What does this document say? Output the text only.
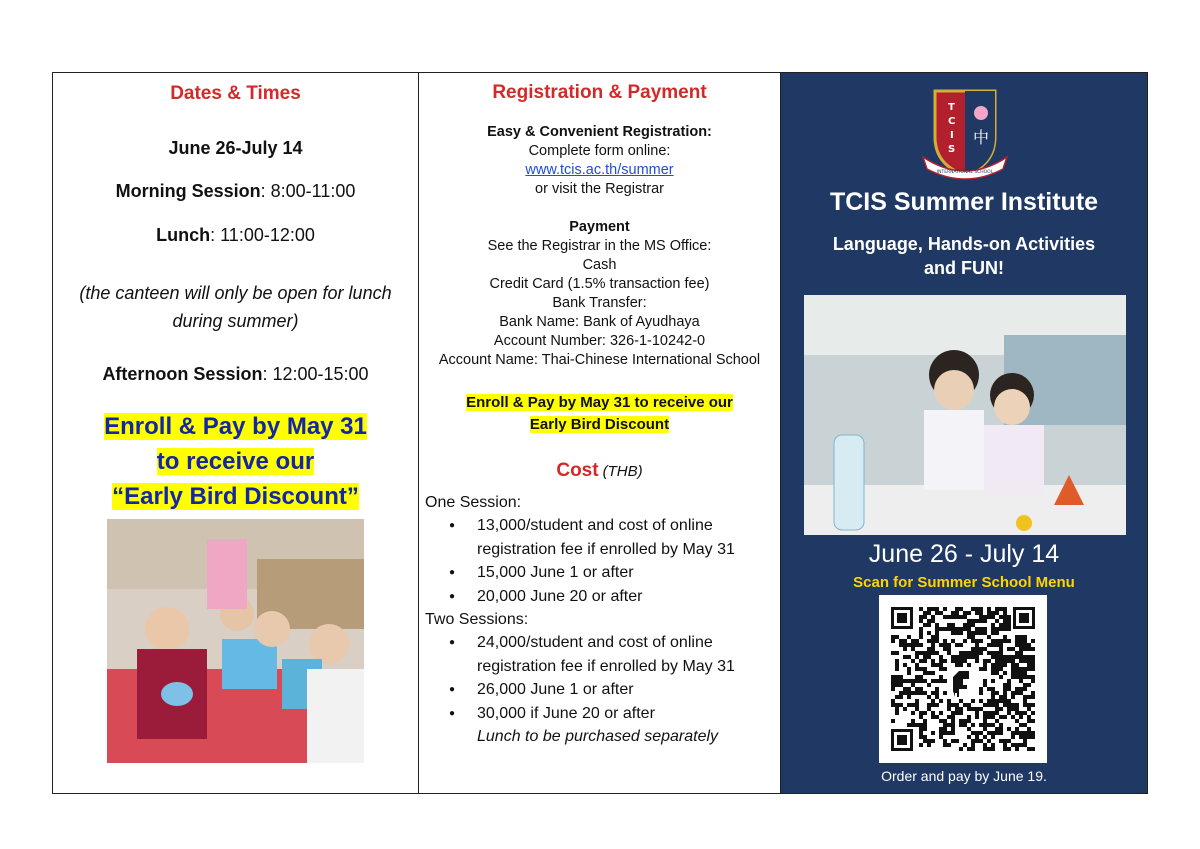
Dates & Times
June 26-July 14
Morning Session: 8:00-11:00
Lunch: 11:00-12:00
(the canteen will only be open for lunch
during summer)
Afternoon Session: 12:00-15:00
Enroll & Pay by May 31
to receive our
“Early Bird Discount”
Registration & Payment
Easy & Convenient Registration:
Complete form online:
www.tcis.ac.th/summer
or visit the Registrar
Payment
See the Registrar in the MS Office:
Cash
Credit Card (1.5% transaction fee)
Bank Transfer:
Bank Name: Bank of Ayudhaya
Account Number: 326-1-10242-0
Account Name: Thai-Chinese International School
Enroll & Pay by May 31 to receive our
Early Bird Discount
Cost (THB)
One Session:
● 13,000/student and cost of online registration fee if enrolled by May 31
● 15,000 June 1 or after
● 20,000 June 20 or after
Two Sessions:
● 24,000/student and cost of online registration fee if enrolled by May 31
● 26,000 June 1 or after
● 30,000 if June 20 or after
Lunch to be purchased separately
T
C
I
S
中
INTERNATIONAL SCHOOL
TCIS Summer Institute
Language, Hands-on Activities
and FUN!
June 26 - July 14
Scan for Summer School Menu
Order and pay by June 19.
